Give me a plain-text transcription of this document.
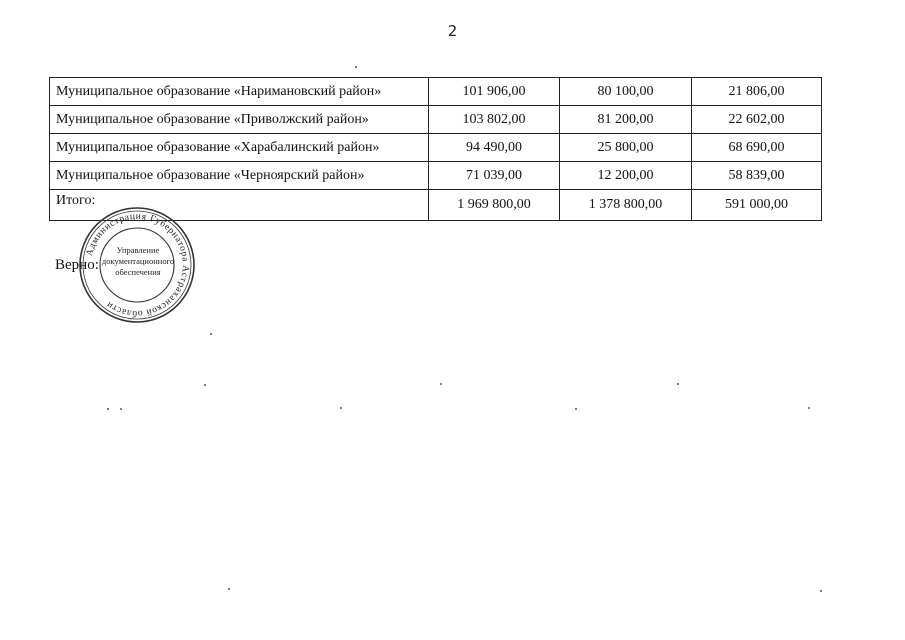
2
Муниципальное образование «Наримановский район»	101 906,00	80 100,00	21 806,00
Муниципальное образование «Приволжский район»	103 802,00	81 200,00	22 602,00
Муниципальное образование «Харабалинский район»	94 490,00	25 800,00	68 690,00
Муниципальное образование «Черноярский район»	71 039,00	12 200,00	58 839,00
Итого:	1 969 800,00	1 378 800,00	591 000,00
Верно:
Администрация Губернатора Астраханской области
Управление
документационного
обеспечения
